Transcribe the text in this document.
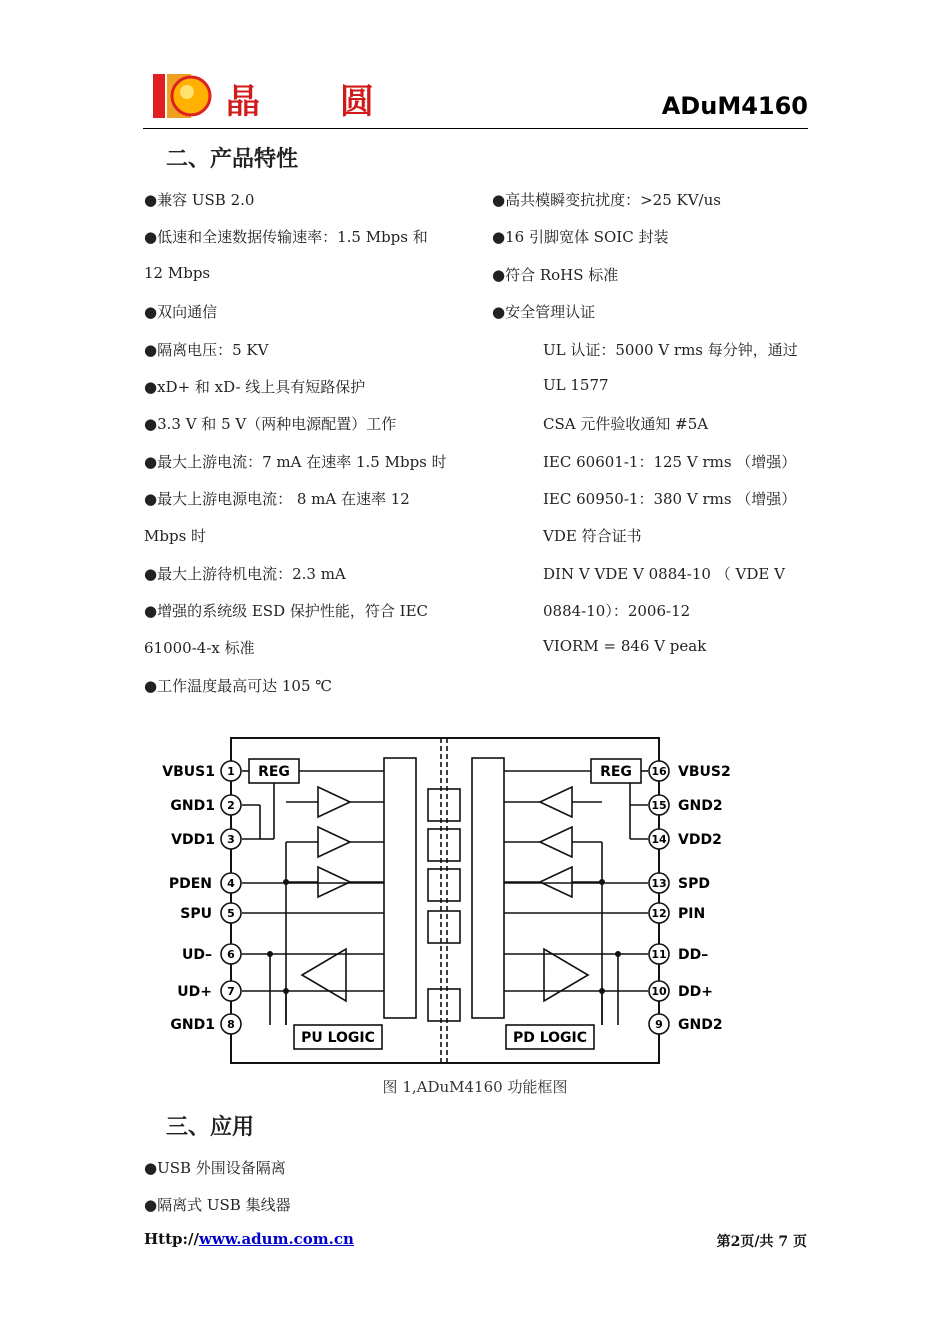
晶 圆	ADuM4160
二、产品特性
●兼容 USB 2.0
●低速和全速数据传输速率：1.5 Mbps 和
12 Mbps
●双向通信
●隔离电压：5 KV
●xD+ 和 xD- 线上具有短路保护
●3.3 V 和 5 V（两种电源配置）工作
●最大上游电流：7 mA 在速率 1.5 Mbps 时
●最大上游电源电流： 8 mA 在速率 12
Mbps 时
●最大上游待机电流：2.3 mA
●增强的系统级 ESD 保护性能，符合 IEC
61000-4-x 标准
●工作温度最高可达 105 ℃
●高共模瞬变抗扰度：>25 KV/us
●16 引脚宽体 SOIC 封装
●符合 RoHS 标准
●安全管理认证
UL 认证：5000 V rms 每分钟，通过
UL 1577
CSA 元件验收通知 #5A
IEC 60601-1：125 V rms （增强）
IEC 60950-1：380 V rms （增强）
VDE 符合证书
DIN V VDE V 0884-10 （ VDE V
0884-10）：2006-12
VIORM = 846 V peak
1
2
3
4
5
6
7
8
16
15
14
13
12
11
10
9
VBUS1
GND1
VDD1
PDEN
SPU
UD–
UD+
GND1
VBUS2
GND2
VDD2
SPD
PIN
DD–
DD+
GND2
REG	REG
PU LOGIC	PD LOGIC
图 1,ADuM4160 功能框图
三、应用
●USB 外围设备隔离
●隔离式 USB 集线器
Http://www.adum.com.cn	第2页/共 7 页
